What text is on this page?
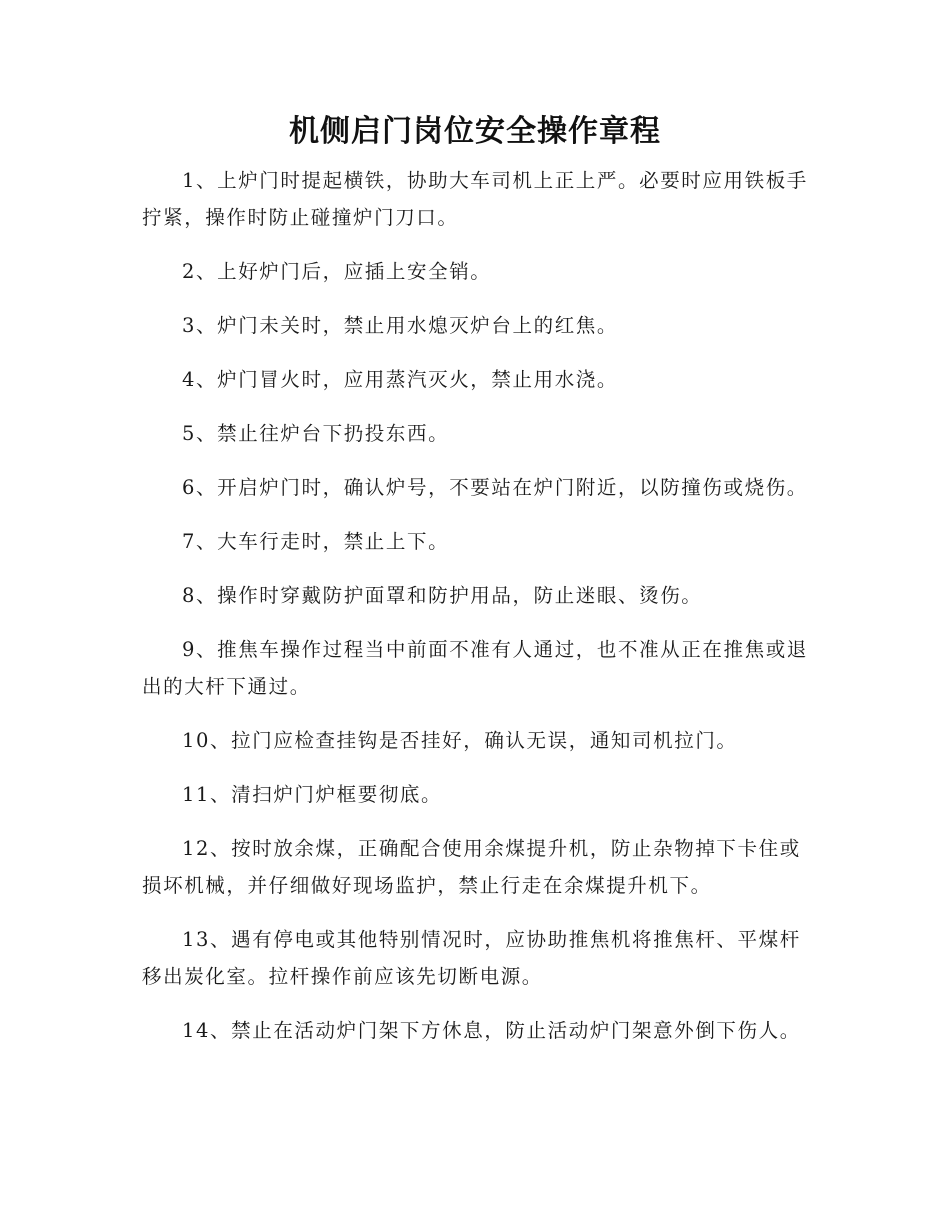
机侧启门岗位安全操作章程

1、上炉门时提起横铁，协助大车司机上正上严。必要时应用铁板手拧紧，操作时防止碰撞炉门刀口。

2、上好炉门后，应插上安全销。

3、炉门未关时，禁止用水熄灭炉台上的红焦。

4、炉门冒火时，应用蒸汽灭火，禁止用水浇。

5、禁止往炉台下扔投东西。

6、开启炉门时，确认炉号，不要站在炉门附近，以防撞伤或烧伤。

7、大车行走时，禁止上下。

8、操作时穿戴防护面罩和防护用品，防止迷眼、烫伤。

9、推焦车操作过程当中前面不准有人通过，也不准从正在推焦或退出的大杆下通过。

10、拉门应检查挂钩是否挂好，确认无误，通知司机拉门。

11、清扫炉门炉框要彻底。

12、按时放余煤，正确配合使用余煤提升机，防止杂物掉下卡住或损坏机械，并仔细做好现场监护，禁止行走在余煤提升机下。

13、遇有停电或其他特别情况时，应协助推焦机将推焦杆、平煤杆移出炭化室。拉杆操作前应该先切断电源。

14、禁止在活动炉门架下方休息，防止活动炉门架意外倒下伤人。
